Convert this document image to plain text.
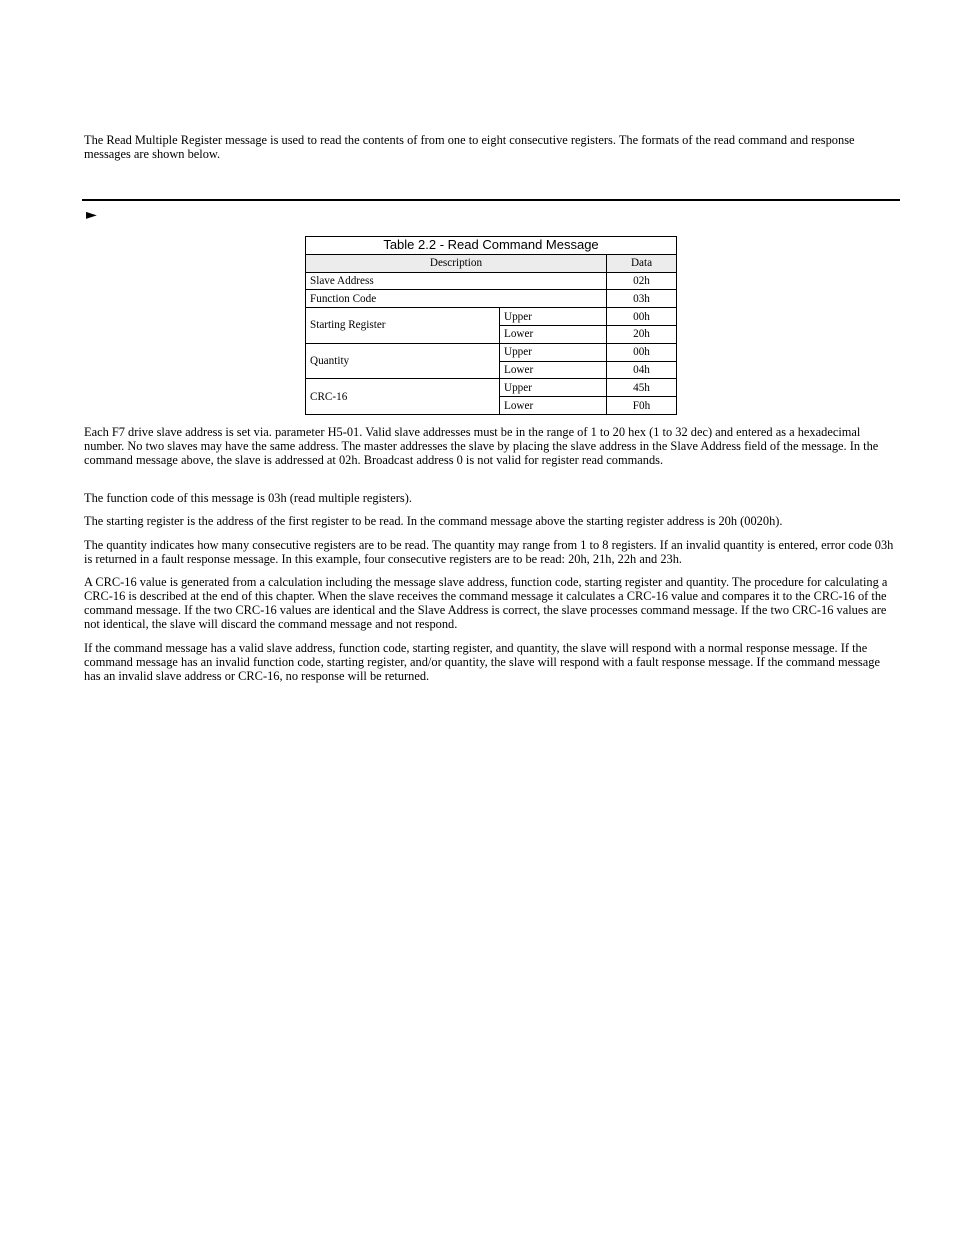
The Read Multiple Register message is used to read the contents of from one to eight consecutive registers. The formats of the read command and response messages are shown below.

►
Table 2.2 - Read Command Message		
Description		Data
Slave Address		02h
Function Code		03h
Starting Register	Upper	00h
	Lower	20h
Quantity	Upper	00h
	Lower	04h
CRC-16	Upper	45h
	Lower	F0h

Each F7 drive slave address is set via. parameter H5-01. Valid slave addresses must be in the range of 1 to 20 hex (1 to 32 dec) and entered as a hexadecimal number. No two slaves may have the same address. The master addresses the slave by placing the slave address in the Slave Address field of the message. In the command message above, the slave is addressed at 02h. Broadcast address 0 is not valid for register read commands.

The function code of this message is 03h (read multiple registers).

The starting register is the address of the first register to be read. In the command message above the starting register address is 20h (0020h).

The quantity indicates how many consecutive registers are to be read. The quantity may range from 1 to 8 registers. If an invalid quantity is entered, error code 03h is returned in a fault response message. In this example, four consecutive registers are to be read: 20h, 21h, 22h and 23h.

A CRC-16 value is generated from a calculation including the message slave address, function code, starting register and quantity. The procedure for calculating a CRC-16 is described at the end of this chapter. When the slave receives the command message it calculates a CRC-16 value and compares it to the CRC-16 of the command message. If the two CRC-16 values are identical and the Slave Address is correct, the slave processes command message. If the two CRC-16 values are not identical, the slave will discard the command message and not respond.

If the command message has a valid slave address, function code, starting register, and quantity, the slave will respond with a normal response message. If the command message has an invalid function code, starting register, and/or quantity, the slave will respond with a fault response message. If the command message has an invalid slave address or CRC-16, no response will be returned.
